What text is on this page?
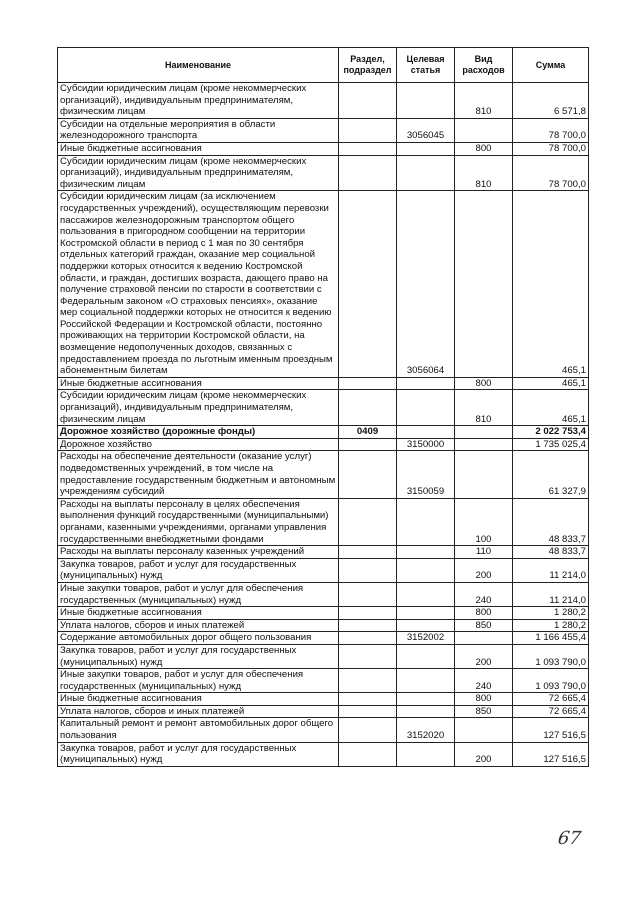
Наименование	Раздел, подраздел	Целевая статья	Вид расходов	Сумма
Субсидии юридическим лицам (кроме некоммерческих организаций), индивидуальным предпринимателям, физическим лицам			810	6 571,8
Субсидии на отдельные мероприятия в области железнодорожного транспорта		3056045		78 700,0
Иные бюджетные ассигнования			800	78 700,0
Субсидии юридическим лицам (кроме некоммерческих организаций), индивидуальным предпринимателям, физическим лицам			810	78 700,0
Субсидии юридическим лицам (за исключением государственных учреждений), осуществляющим перевозки пассажиров железнодорожным транспортом общего пользования в пригородном сообщении на территории Костромской области в период с 1 мая по 30 сентября отдельных категорий граждан, оказание мер социальной поддержки которых относится к ведению Костромской области, и граждан, достигших возраста, дающего право на получение страховой пенсии по старости в соответствии с Федеральным законом «О страховых пенсиях», оказание мер социальной поддержки которых не относится к ведению Российской Федерации и Костромской области, постоянно проживающих на территории Костромской области, на возмещение недополученных доходов, связанных с предоставлением проезда по льготным именным проездным абонементным билетам		3056064		465,1
Иные бюджетные ассигнования			800	465,1
Субсидии юридическим лицам (кроме некоммерческих организаций), индивидуальным предпринимателям, физическим лицам			810	465,1
Дорожное хозяйство (дорожные фонды)	0409			2 022 753,4
Дорожное хозяйство		3150000		1 735 025,4
Расходы на обеспечение деятельности (оказание услуг) подведомственных учреждений, в том числе на предоставление государственным бюджетным и автономным учреждениям субсидий		3150059		61 327,9
Расходы на выплаты персоналу в целях обеспечения выполнения функций государственными (муниципальными) органами, казенными учреждениями, органами управления государственными внебюджетными фондами			100	48 833,7
Расходы на выплаты персоналу казенных учреждений			110	48 833,7
Закупка товаров, работ и услуг для государственных (муниципальных) нужд			200	11 214,0
Иные закупки товаров, работ и услуг для обеспечения государственных (муниципальных) нужд			240	11 214,0
Иные бюджетные ассигнования			800	1 280,2
Уплата налогов, сборов и иных платежей			850	1 280,2
Содержание автомобильных дорог общего пользования		3152002		1 166 455,4
Закупка товаров, работ и услуг для государственных (муниципальных) нужд			200	1 093 790,0
Иные закупки товаров, работ и услуг для обеспечения государственных (муниципальных) нужд			240	1 093 790,0
Иные бюджетные ассигнования			800	72 665,4
Уплата налогов, сборов и иных платежей			850	72 665,4
Капитальный ремонт и ремонт автомобильных дорог общего пользования		3152020		127 516,5
Закупка товаров, работ и услуг для государственных (муниципальных) нужд			200	127 516,5
67
